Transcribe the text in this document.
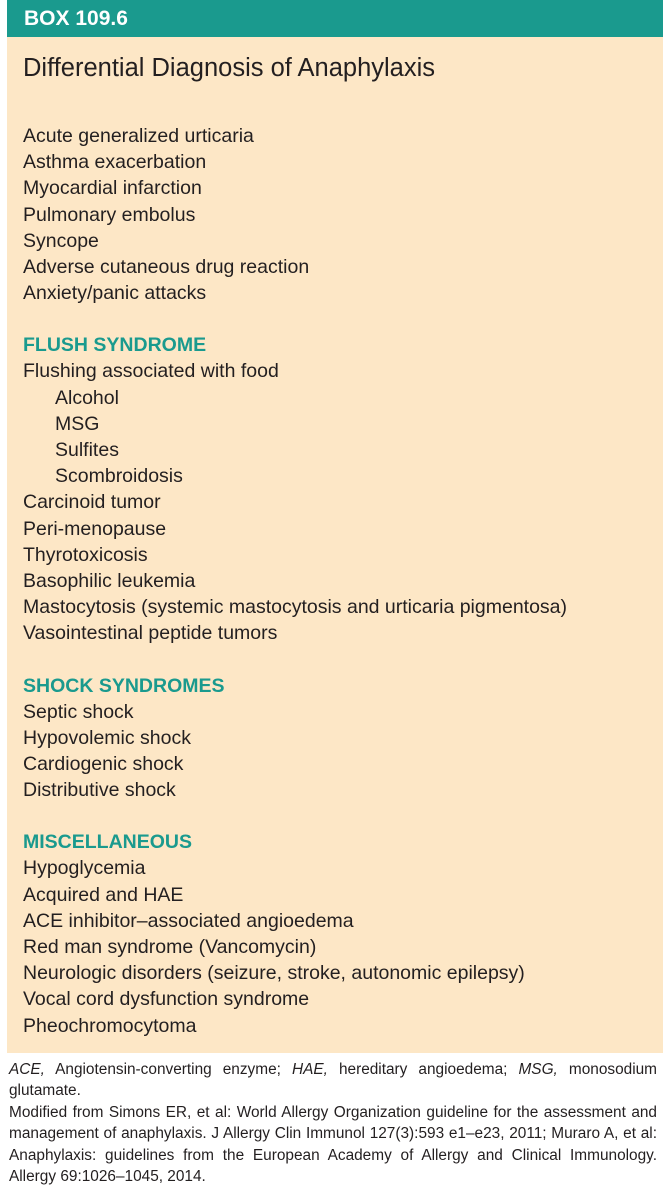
BOX 109.6
Differential Diagnosis of Anaphylaxis
Acute generalized urticaria
Asthma exacerbation
Myocardial infarction
Pulmonary embolus
Syncope
Adverse cutaneous drug reaction
Anxiety/panic attacks
FLUSH SYNDROME
Flushing associated with food
Alcohol
MSG
Sulfites
Scombroidosis
Carcinoid tumor
Peri-menopause
Thyrotoxicosis
Basophilic leukemia
Mastocytosis (systemic mastocytosis and urticaria pigmentosa)
Vasointestinal peptide tumors
SHOCK SYNDROMES
Septic shock
Hypovolemic shock
Cardiogenic shock
Distributive shock
MISCELLANEOUS
Hypoglycemia
Acquired and HAE
ACE inhibitor–associated angioedema
Red man syndrome (Vancomycin)
Neurologic disorders (seizure, stroke, autonomic epilepsy)
Vocal cord dysfunction syndrome
Pheochromocytoma

ACE, Angiotensin-converting enzyme; HAE, hereditary angioedema; MSG, monosodium glutamate.

Modified from Simons ER, et al: World Allergy Organization guideline for the assessment and management of anaphylaxis. J Allergy Clin Immunol 127(3):593 e1–e23, 2011; Muraro A, et al: Anaphylaxis: guidelines from the European Academy of Allergy and Clinical Immunology. Allergy 69:1026–1045, 2014.
